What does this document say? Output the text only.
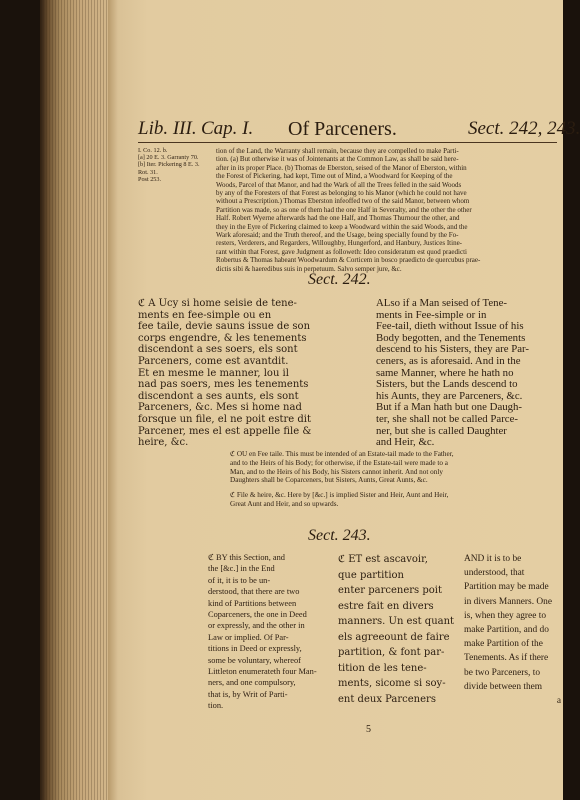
Lib. III. Cap. I. Of Parceners.	Sect. 242, 243.
I. Co. 12. b.
[a] 20 E. 3. Garranty 70.
[b] Iter. Pickering 8 E. 3.
Rot. 31.
Post 253.
tion of the Land, the Warranty shall remain, because they are compelled to make Parti-
tion. (a) But otherwise it was of Jointenants at the Common Law, as shall be said here-
after in its proper Place. (b) Thomas de Eberston, seised of the Manor of Eberston, within
the Forest of Pickering, had kept, Time out of Mind, a Woodward for Keeping of the
Woods, Parcel of that Manor, and had the Wark of all the Trees felled in the said Woods
by any of the Foresters of that Forest as belonging to his Manor (which he could not have
without a Prescription.) Thomas Eberston infeoffed two of the said Manor, between whom
Partition was made, so as one of them had the one Half in Severalty, and the other the other
Half. Robert Wyerne afterwards had the one Half, and Thomas Thurnour the other, and
they in the Eyre of Pickering claimed to keep a Woodward within the said Woods, and the
Wark aforesaid; and the Truth thereof, and the Usage, being specially found by the Fo-
resters, Verderers, and Regarders, Willoughby, Hungerford, and Hanbury, Justices Itine-
rant within that Forest, gave Judgment as followeth: Ideo consideratum est quod praedicti
Robertus & Thomas habeant Woodwardum & Corticem in bosco praedicto de quercubus prae-
dictis sibi & haeredibus suis in perpetuum. Salvo semper jure, &c.
Sect. 242.
ℭ A Ucy si home seisie de tene-
ments en fee-simple ou en
fee taile, devie sauns issue de son
corps engendre, & les tenements
discendont a ses soers, els sont
Parceners, come est avantdit.
Et en mesme le manner, lou il
nad pas soers, mes les tenements
discendont a ses aunts, els sont
Parceners, &c. Mes si home nad
forsque un file, el ne poit estre dit
Parcener, mes el est appelle file &
heire, &c.
ALso if a Man seised of Tene-
ments in Fee-simple or in
Fee-tail, dieth without Issue of his
Body begotten, and the Tenements
descend to his Sisters, they are Par-
ceners, as is aforesaid. And in the
same Manner, where he hath no
Sisters, but the Lands descend to
his Aunts, they are Parceners, &c.
But if a Man hath but one Daugh-
ter, she shall not be called Parce-
ner, but she is called Daughter
and Heir, &c.
ℭ OU en Fee taile. This must be intended of an Estate-tail made to the Father,
and to the Heirs of his Body; for otherwise, if the Estate-tail were made to a
Man, and to the Heirs of his Body, his Sisters cannot inherit. And not only
Daughters shall be Coparceners, but Sisters, Aunts, Great Aunts, &c.
ℭ File & heire, &c. Here by [&c.] is implied Sister and Heir, Aunt and Heir,
Great Aunt and Heir, and so upwards.
Sect. 243.
ℭ BY this Section, and
the [&c.] in the End
of it, it is to be un-
derstood, that there are two
kind of Partitions between
Coparceners, the one in Deed
or expressly, and the other in
Law or implied. Of Par-
titions in Deed or expressly,
some be voluntary, whereof
Littleton enumerateth four Man-
ners, and one compulsory,
that is, by Writ of Parti-
tion.
ℭ ET est ascavoir,
que partition
enter parceners poit
estre fait en divers
manners. Un est quant
els agreeount de faire
partition, & font par-
tition de les tene-
ments, sicome si soy-
ent deux Parceners
AND it is to be
understood, that
Partition may be made
in divers Manners. One
is, when they agree to
make Partition, and do
make Partition of the
Tenements. As if there
be two Parceners, to
divide between them
a
5
